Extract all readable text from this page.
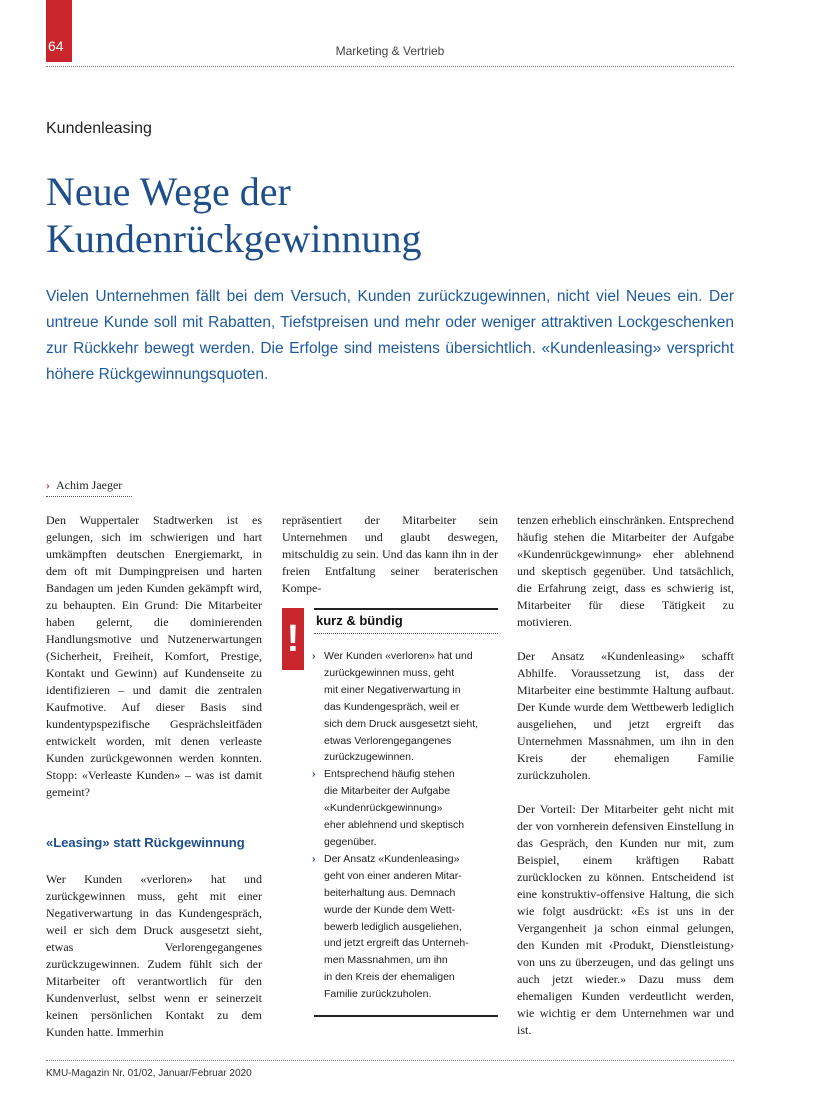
64	Marketing & Vertrieb
Kundenleasing
Neue Wege der
Kundenrückgewinnung
Vielen Unternehmen fällt bei dem Versuch, Kunden zurückzugewinnen, nicht viel Neues ein. Der untreue Kunde soll mit Rabatten, Tiefstpreisen und mehr oder weniger attraktiven Lockgeschenken zur Rückkehr bewegt werden. Die Erfolge sind meistens übersichtlich. «Kundenleasing» verspricht höhere Rückgewinnungsquoten.
› Achim Jaeger

Den Wuppertaler Stadtwerken ist es gelungen, sich im schwierigen und hart umkämpften deutschen Energiemarkt, in dem oft mit Dumpingpreisen und harten Bandagen um jeden Kunden gekämpft wird, zu behaupten. Ein Grund: Die Mitarbeiter haben gelernt, die dominierenden Handlungsmotive und Nutzenerwartungen (Sicherheit, Freiheit, Komfort, Prestige, Kontakt und Gewinn) auf Kundenseite zu identifizieren – und damit die zentralen Kaufmotive. Auf dieser Basis sind kundentypspezifische Gesprächsleitfäden entwickelt worden, mit denen verleaste Kunden zurückgewonnen werden konnten. Stopp: «Verleaste Kunden» – was ist damit gemeint?

«Leasing» statt Rückgewinnung

Wer Kunden «verloren» hat und zurückgewinnen muss, geht mit einer Negativerwartung in das Kundengespräch, weil er sich dem Druck ausgesetzt sieht, etwas Verlorengegangenes zurückzugewinnen. Zudem fühlt sich der Mitarbeiter oft verantwortlich für den Kundenverlust, selbst wenn er seinerzeit keinen persönlichen Kontakt zu dem Kunden hatte. Immerhin

repräsentiert der Mitarbeiter sein Unternehmen und glaubt deswegen, mitschuldig zu sein. Und das kann ihn in der freien Entfaltung seiner beraterischen Kompe-

!	kurz & bündig
› Wer Kunden «verloren» hat und
zurückgewinnen muss, geht
mit einer Negativerwartung in
das Kundengespräch, weil er
sich dem Druck ausgesetzt sieht,
etwas Verlorengegangenes
zurückzugewinnen.
› Entsprechend häufig stehen
die Mitarbeiter der Aufgabe
«Kundenrückgewinnung»
eher ablehnend und skeptisch
gegenüber.
› Der Ansatz «Kundenleasing»
geht von einer anderen Mitar-
beiterhaltung aus. Demnach
wurde der Kunde dem Wett-
bewerb lediglich ausgeliehen,
und jetzt ergreift das Unterneh-
men Massnahmen, um ihn
in den Kreis der ehemaligen
Familie zurückzuholen.

tenzen erheblich einschränken. Entsprechend häufig stehen die Mitarbeiter der Aufgabe «Kundenrückgewinnung» eher ablehnend und skeptisch gegenüber. Und tatsächlich, die Erfahrung zeigt, dass es schwierig ist, Mitarbeiter für diese Tätigkeit zu motivieren.

Der Ansatz «Kundenleasing» schafft Abhilfe. Voraussetzung ist, dass der Mitarbeiter eine bestimmte Haltung aufbaut. Der Kunde wurde dem Wettbewerb lediglich ausgeliehen, und jetzt ergreift das Unternehmen Massnahmen, um ihn in den Kreis der ehemaligen Familie zurückzuholen.

Der Vorteil: Der Mitarbeiter geht nicht mit der von vornherein defensiven Einstellung in das Gespräch, den Kunden nur mit, zum Beispiel, einem kräftigen Rabatt zurücklocken zu können. Entscheidend ist eine konstruktiv-offensive Haltung, die sich wie folgt ausdrückt: «Es ist uns in der Vergangenheit ja schon einmal gelungen, den Kunden mit ‹Produkt, Dienstleistung› von uns zu überzeugen, und das gelingt uns auch jetzt wieder.» Dazu muss dem ehemaligen Kunden verdeutlicht werden, wie wichtig er dem Unternehmen war und ist.

KMU-Magazin Nr. 01/02, Januar/Februar 2020
